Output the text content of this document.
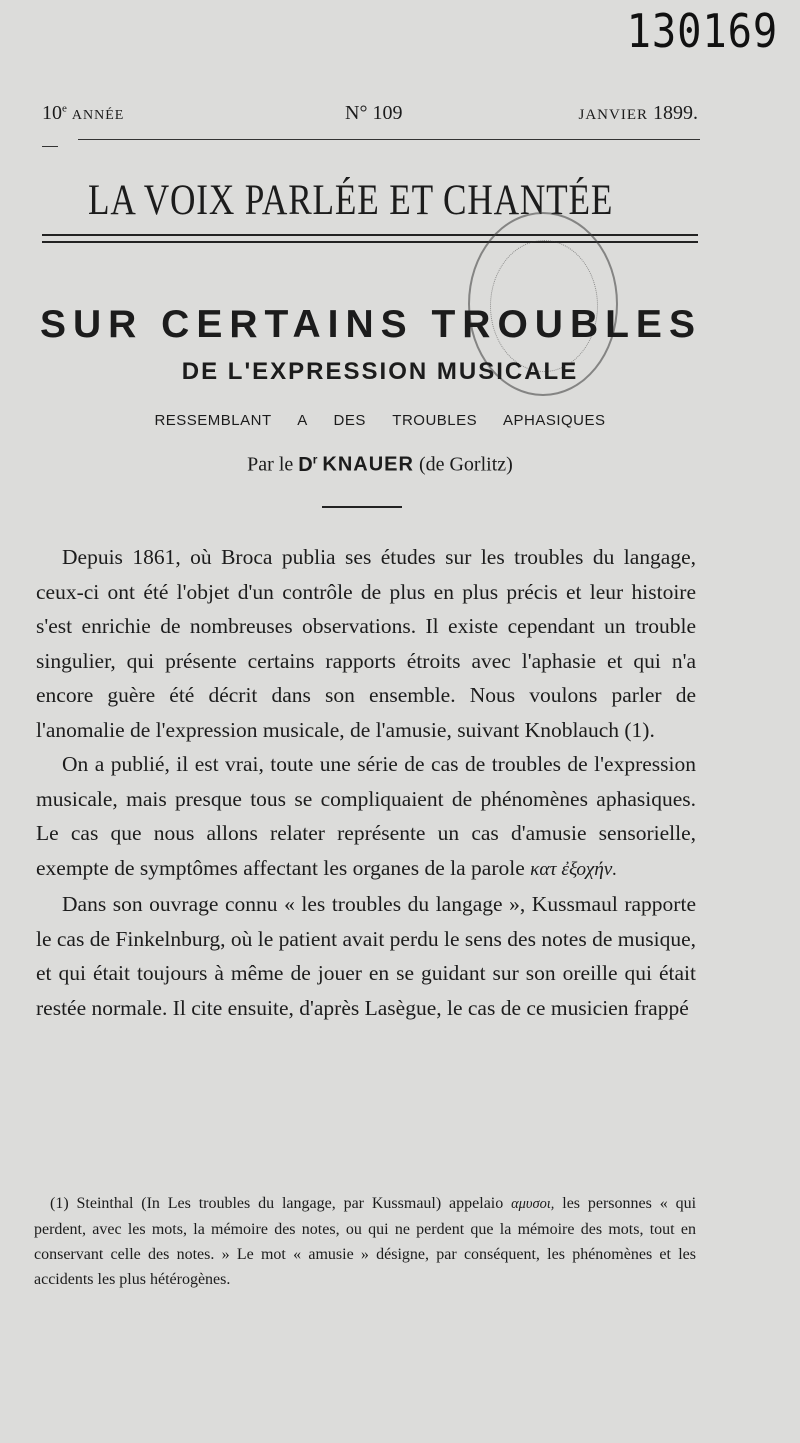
130169
10e ANNÉE	N° 109	JANVIER 1899.
LA VOIX PARLÉE ET CHANTÉE
SUR CERTAINS TROUBLES
DE L'EXPRESSION MUSICALE
RESSEMBLANT A DES TROUBLES APHASIQUES
Par le $D^r$ KNAUER (de Gorlitz)

Depuis 1861, où Broca publia ses études sur les troubles du langage, ceux-ci ont été l'objet d'un contrôle de plus en plus précis et leur histoire s'est enrichie de nombreuses observations. Il existe cependant un trouble singulier, qui présente certains rapports étroits avec l'aphasie et qui n'a encore guère été décrit dans son ensemble. Nous voulons parler de l'anomalie de l'expression musicale, de l'amusie, suivant Knoblauch (1).

On a publié, il est vrai, toute une série de cas de troubles de l'expression musicale, mais presque tous se compliquaient de phénomènes aphasiques. Le cas que nous allons relater représente un cas d'amusie sensorielle, exempte de symptômes affectant les organes de la parole κατ ἐξοχήν.

Dans son ouvrage connu « les troubles du langage », Kussmaul rapporte le cas de Finkelnburg, où le patient avait perdu le sens des notes de musique, et qui était toujours à même de jouer en se guidant sur son oreille qui était restée normale. Il cite ensuite, d'après Lasègue, le cas de ce musicien frappé

(1) Steinthal (In Les troubles du langage, par Kussmaul) appelaio αμυσοι, les personnes « qui perdent, avec les mots, la mémoire des notes, ou qui ne perdent que la mémoire des mots, tout en conservant celle des notes. » Le mot « amusie » désigne, par conséquent, les phénomènes et les accidents les plus hétérogènes.
